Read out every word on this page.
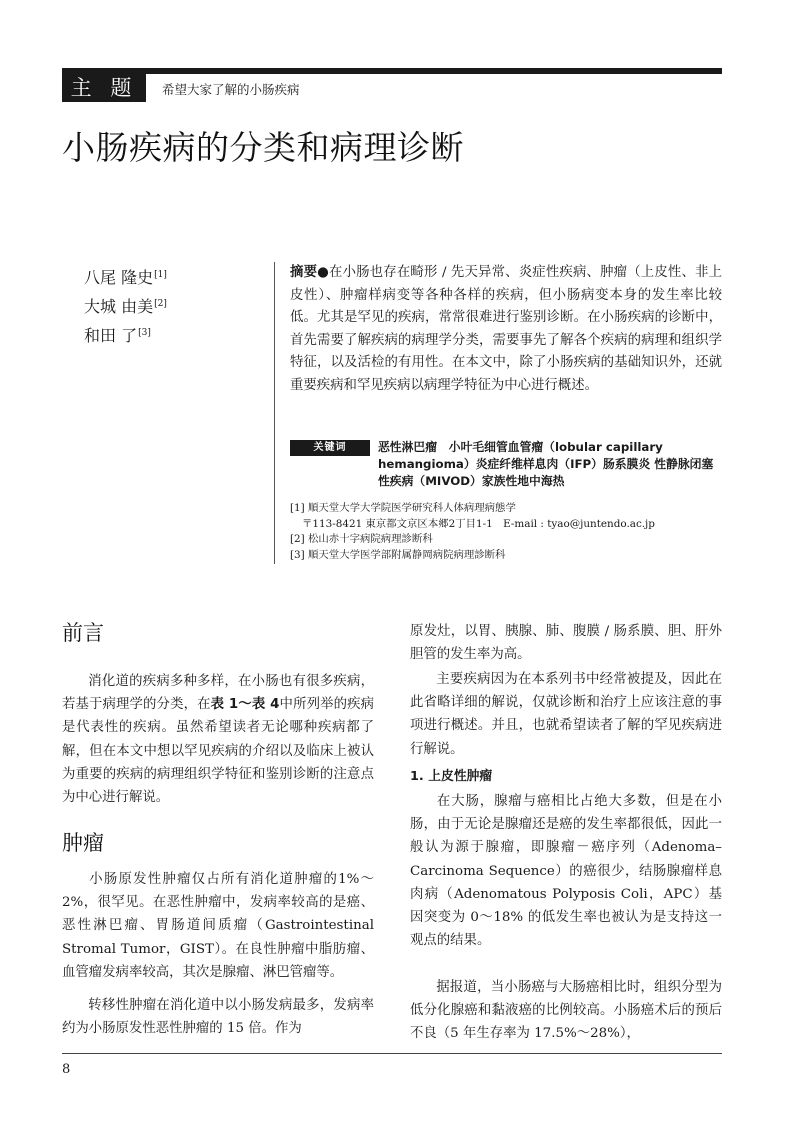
主 题	希望大家了解的小肠疾病
小肠疾病的分类和病理诊断
八尾 隆史[1]
大城 由美[2]
和田 了[3]
摘要●在小肠也存在畸形 / 先天异常、炎症性疾病、肿瘤（上皮性、非上皮性）、肿瘤样病变等各种各样的疾病，但小肠病变本身的发生率比较低。尤其是罕见的疾病，常常很难进行鉴别诊断。在小肠疾病的诊断中，首先需要了解疾病的病理学分类，需要事先了解各个疾病的病理和组织学特征，以及活检的有用性。在本文中，除了小肠疾病的基础知识外，还就重要疾病和罕见疾病以病理学特征为中心进行概述。
关键词	恶性淋巴瘤　小叶毛细管血管瘤（lobular capillary hemangioma）炎症纤维样息肉（IFP）肠系膜炎 性静脉闭塞性疾病（MIVOD）家族性地中海热
[1] 順天堂大学大学院医学研究科人体病理病態学
〒113-8421 東京都文京区本郷2丁目1-1　E-mail : tyao@juntendo.ac.jp
[2] 松山赤十字病院病理診断科
[3] 順天堂大学医学部附属静岡病院病理診断科
前言
消化道的疾病多种多样，在小肠也有很多疾病，若基于病理学的分类，在表 1～表 4中所列举的疾病是代表性的疾病。虽然希望读者无论哪种疾病都了解，但在本文中想以罕见疾病的介绍以及临床上被认为重要的疾病的病理组织学特征和鉴别诊断的注意点为中心进行解说。
肿瘤
小肠原发性肿瘤仅占所有消化道肿瘤的1%～2%，很罕见。在恶性肿瘤中，发病率较高的是癌、恶性淋巴瘤、胃肠道间质瘤（Gastrointestinal Stromal Tumor，GIST）。在良性肿瘤中脂肪瘤、血管瘤发病率较高，其次是腺瘤、淋巴管瘤等。
转移性肿瘤在消化道中以小肠发病最多，发病率约为小肠原发性恶性肿瘤的 15 倍。作为
原发灶，以胃、胰腺、肺、腹膜 / 肠系膜、胆、肝外胆管的发生率为高。
主要疾病因为在本系列书中经常被提及，因此在此省略详细的解说，仅就诊断和治疗上应该注意的事项进行概述。并且，也就希望读者了解的罕见疾病进行解说。
1. 上皮性肿瘤
在大肠，腺瘤与癌相比占绝大多数，但是在小肠，由于无论是腺瘤还是癌的发生率都很低，因此一般认为源于腺瘤，即腺瘤－癌序列（Adenoma–Carcinoma Sequence）的癌很少，结肠腺瘤样息肉病（Adenomatous Polyposis Coli，APC）基因突变为 0～18% 的低发生率也被认为是支持这一观点的结果。
据报道，当小肠癌与大肠癌相比时，组织分型为低分化腺癌和黏液癌的比例较高。小肠癌术后的预后不良（5 年生存率为 17.5%～28%），
8
